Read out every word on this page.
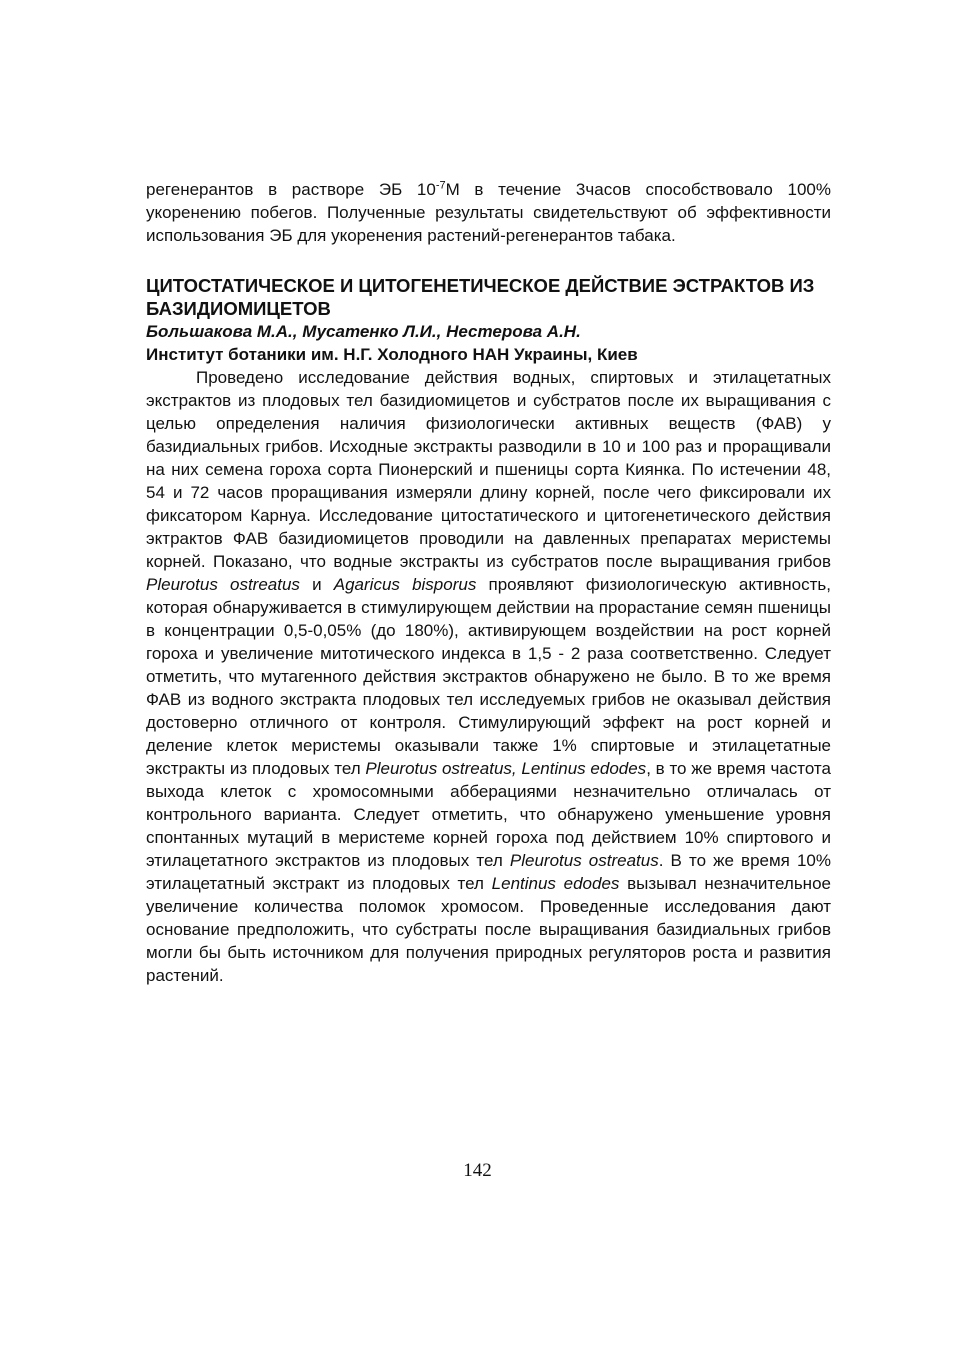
регенерантов в растворе ЭБ $10^{-7}М$ в течение 3часов способствовало 100% укоренению побегов. Полученные результаты свидетельствуют об эффективности использования ЭБ для укоренения растений-регенерантов табака.

ЦИТОСТАТИЧЕСКОЕ И ЦИТОГЕНЕТИЧЕСКОЕ ДЕЙСТВИЕ ЭСТРАКТОВ ИЗ БАЗИДИОМИЦЕТОВ

Большакова М.А., Мусатенко Л.И., Нестерова А.Н.

Институт ботаники им. Н.Г. Холодного НАН Украины, Киев

Проведено исследование действия водных, спиртовых и этилацетатных экстрактов из плодовых тел базидиомицетов и субстратов после их выращивания с целью определения наличия физиологически активных веществ (ФАВ) у базидиальных грибов. Исходные экстракты разводили в 10 и 100 раз и проращивали на них семена гороха сорта Пионерский и пшеницы сорта Киянка. По истечении 48, 54 и 72 часов проращивания измеряли длину корней, после чего фиксировали их фиксатором Карнуа. Исследование цитостатического и цитогенетического действия эктрактов ФАВ базидиомицетов проводили на давленных препаратах меристемы корней. Показано, что водные экстракты из субстратов после выращивания грибов Pleurotus ostreatus и Agaricus bisporus проявляют физиологическую активность, которая обнаруживается в стимулирующем действии на прорастание семян пшеницы в концентрации 0,5-0,05% (до 180%), активирующем воздействии на рост корней гороха и увеличение митотического индекса в 1,5 - 2 раза соответственно. Следует отметить, что мутагенного действия экстрактов обнаружено не было. В то же время ФАВ из водного экстракта плодовых тел исследуемых грибов не оказывал действия достоверно отличного от контроля. Стимулирующий эффект на рост корней и деление клеток меристемы оказывали также 1% спиртовые и этилацетатные экстракты из плодовых тел Pleurotus ostreatus, Lentinus edodes, в то же время частота выхода клеток с хромосомными абберациями незначительно отличалась от контрольного варианта. Следует отметить, что обнаружено уменьшение уровня спонтанных мутаций в меристеме корней гороха под действием 10% спиртового и этилацетатного экстрактов из плодовых тел Pleurotus ostreatus. В то же время 10% этилацетатный экстракт из плодовых тел Lentinus edodes вызывал незначительное увеличение количества поломок хромосом. Проведенные исследования дают основание предположить, что субстраты после выращивания базидиальных грибов могли бы быть источником для получения природных регуляторов роста и развития растений.

142
